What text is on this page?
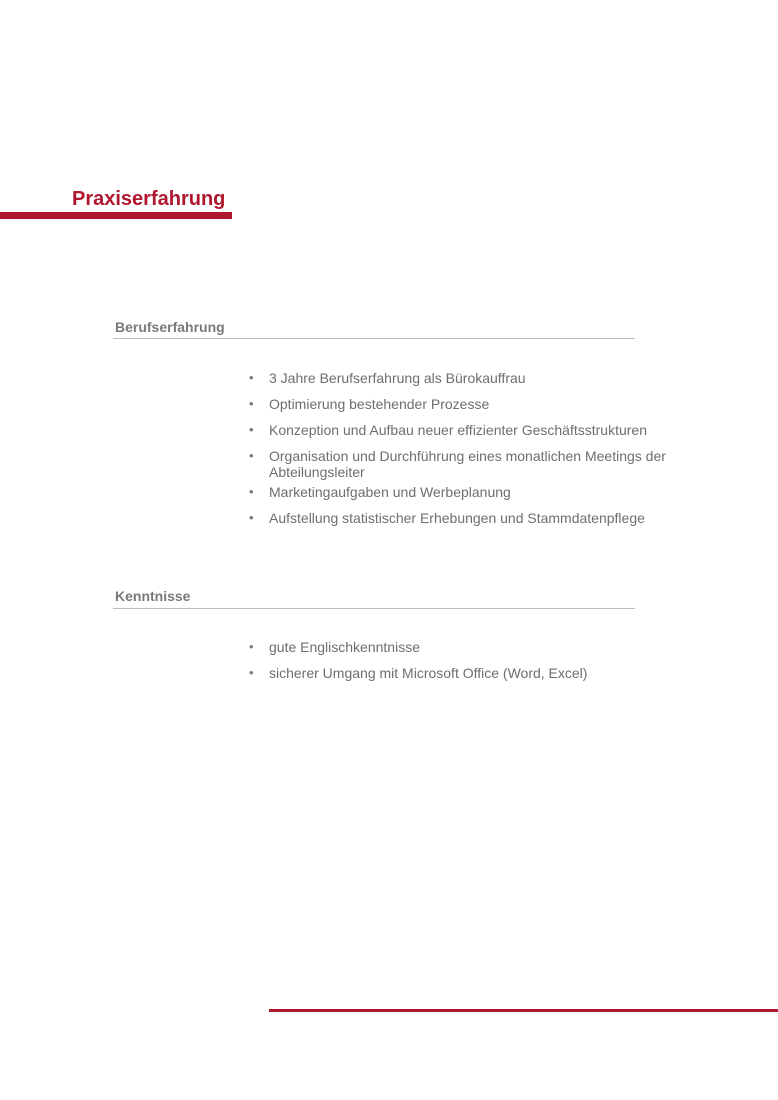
Praxiserfahrung
Berufserfahrung
• 3 Jahre Berufserfahrung als Bürokauffrau
• Optimierung bestehender Prozesse
• Konzeption und Aufbau neuer effizienter Geschäftsstrukturen
• Organisation und Durchführung eines monatlichen Meetings der Abteilungsleiter
• Marketingaufgaben und Werbeplanung
• Aufstellung statistischer Erhebungen und Stammdatenpflege
Kenntnisse
• gute Englischkenntnisse
• sicherer Umgang mit Microsoft Office (Word, Excel)
